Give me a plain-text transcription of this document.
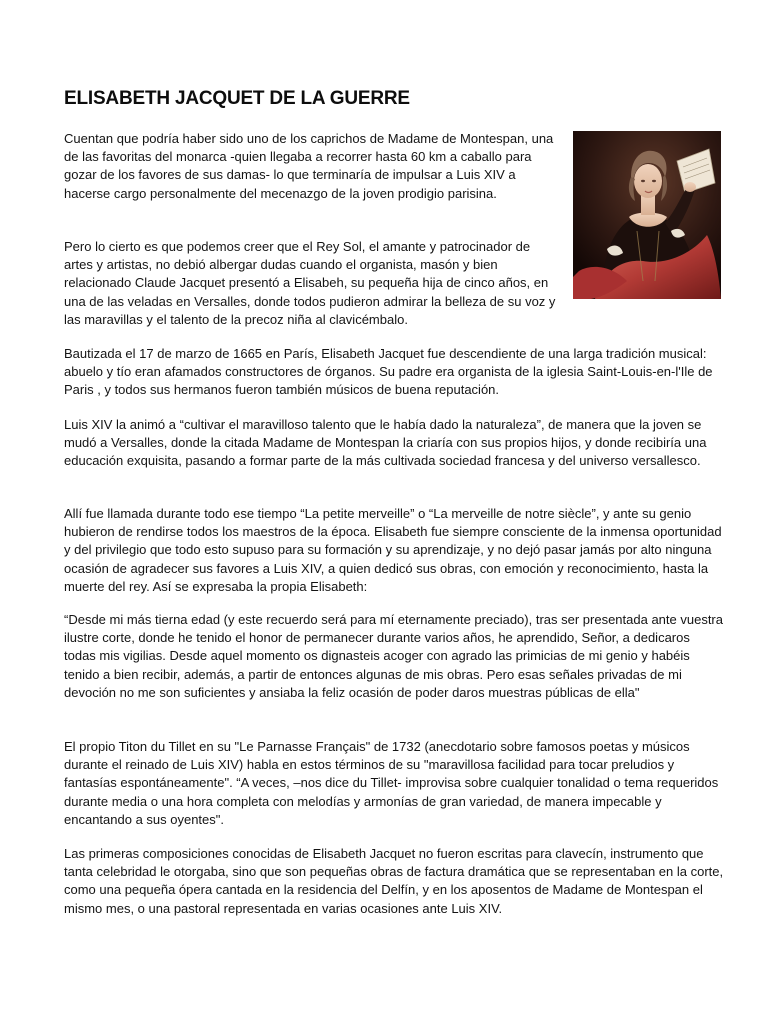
ELISABETH JACQUET DE LA GUERRE

Cuentan que podría haber sido uno de los caprichos de Madame de Montespan, una de las favoritas del monarca -quien llegaba a recorrer hasta 60 km a caballo para gozar de los favores de sus damas- lo que terminaría de impulsar a Luis XIV a hacerse cargo personalmente del mecenazgo de la joven prodigio parisina.

Pero lo cierto es que podemos creer que el Rey Sol, el amante y patrocinador de artes y artistas, no debió albergar dudas cuando el organista, masón y bien relacionado Claude Jacquet presentó a Elisabeh, su pequeña hija de cinco años, en una de las veladas en Versalles, donde todos pudieron admirar la belleza de su voz y las maravillas y el talento de la precoz niña al clavicémbalo.

Bautizada el 17 de marzo de 1665 en París, Elisabeth Jacquet fue descendiente de una larga tradición musical: abuelo y tío eran afamados constructores de órganos. Su padre era organista de la iglesia Saint-Louis-en-l'Ile de Paris , y todos sus hermanos fueron también músicos de buena reputación.

Luis XIV la animó a “cultivar el maravilloso talento que le había dado la naturaleza”, de manera que la joven se mudó a Versalles, donde la citada Madame de Montespan la criaría con sus propios hijos, y donde recibiría una educación exquisita, pasando a formar parte de la más cultivada sociedad francesa y del universo versallesco.

Allí fue llamada durante todo ese tiempo “La petite merveille” o “La merveille de notre siècle”, y ante su genio hubieron de rendirse todos los maestros de la época. Elisabeth fue siempre consciente de la inmensa oportunidad y del privilegio que todo esto supuso para su formación y su aprendizaje, y no dejó pasar jamás por alto ninguna ocasión de agradecer sus favores a Luis XIV, a quien dedicó sus obras, con emoción y reconocimiento, hasta la muerte del rey. Así se expresaba la propia Elisabeth:

“Desde mi más tierna edad (y este recuerdo será para mí eternamente preciado), tras ser presentada ante vuestra ilustre corte, donde he tenido el honor de permanecer durante varios años, he aprendido, Señor, a dedicaros todas mis vigilias. Desde aquel momento os dignasteis acoger con agrado las primicias de mi genio y habéis tenido a bien recibir, además, a partir de entonces algunas de mis obras. Pero esas señales privadas de mi devoción no me son suficientes y ansiaba la feliz ocasión de poder daros muestras públicas de ella"

El propio Titon du Tillet en su "Le Parnasse Français" de 1732 (anecdotario sobre famosos poetas y músicos durante el reinado de Luis XIV) habla en estos términos de su "maravillosa facilidad para tocar preludios y fantasías espontáneamente". “A veces, –nos dice du Tillet- improvisa sobre cualquier tonalidad o tema requeridos durante media o una hora completa con melodías y armonías de gran variedad, de manera impecable y encantando a sus oyentes".

Las primeras composiciones conocidas de Elisabeth Jacquet no fueron escritas para clavecín, instrumento que tanta celebridad le otorgaba, sino que son pequeñas obras de factura dramática que se representaban en la corte, como una pequeña ópera cantada en la residencia del Delfín, y en los aposentos de Madame de Montespan el mismo mes, o una pastoral representada en varias ocasiones ante Luis XIV.
